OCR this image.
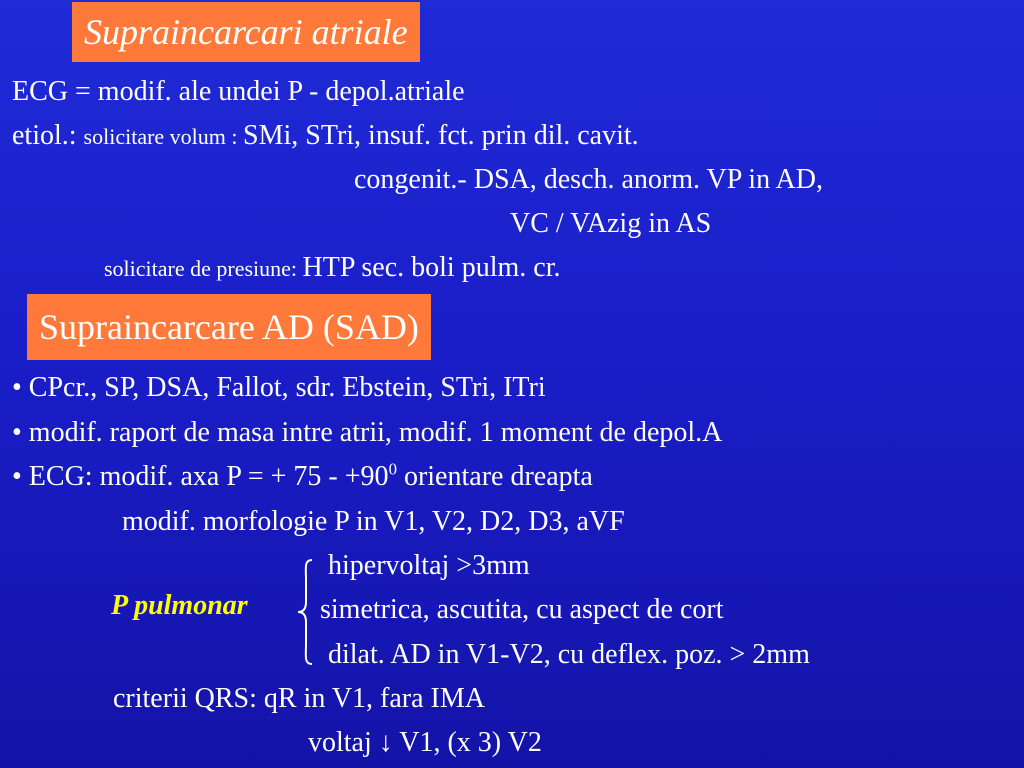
Supraincarcari atriale
ECG = modif. ale undei P - depol.atriale
etiol.: solicitare volum : SMi, STri, insuf. fct. prin dil. cavit.
congenit.- DSA, desch. anorm. VP in AD,
VC / VAzig in AS
solicitare de presiune: HTP sec. boli pulm. cr.
Supraincarcare AD (SAD)
• CPcr., SP, DSA, Fallot, sdr. Ebstein, STri, ITri
• modif. raport de masa intre atrii, modif. 1 moment de depol.A
• ECG: modif. axa P = + $75 - +90^0$ orientare dreapta
modif. morfologie P in V1, V2, D2, D3, aVF
hipervoltaj >3mm
P pulmonar	simetrica, ascutita, cu aspect de cort
dilat. AD in V1-V2, cu deflex. poz. > 2mm
criterii QRS: qR in V1, fara IMA
voltaj ↓ V1, (x 3) V2
